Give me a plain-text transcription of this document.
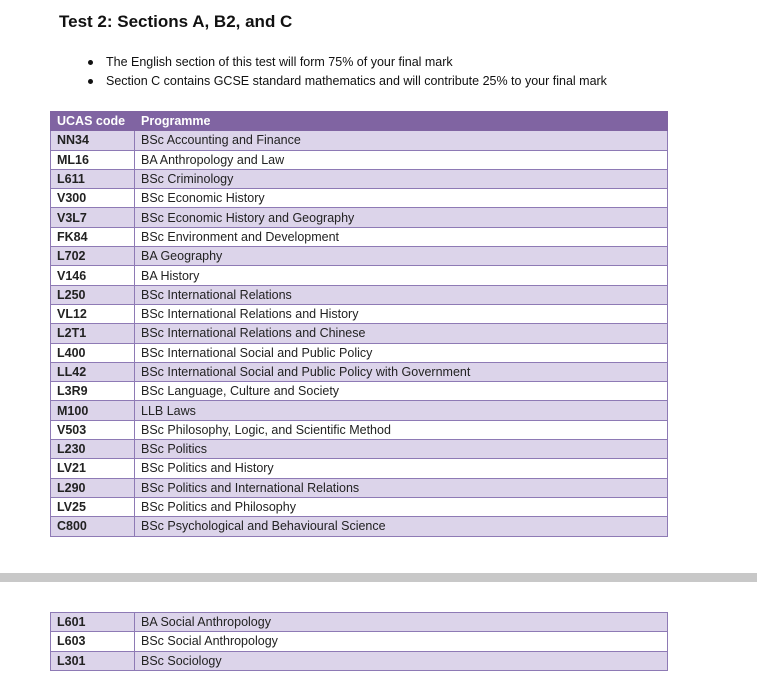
Test 2: Sections A, B2, and C
The English section of this test will form 75% of your final mark
Section C contains GCSE standard mathematics and will contribute 25% to your final mark
UCAS code	Programme
NN34	BSc Accounting and Finance
ML16	BA Anthropology and Law
L611	BSc Criminology
V300	BSc Economic History
V3L7	BSc Economic History and Geography
FK84	BSc Environment and Development
L702	BA Geography
V146	BA History
L250	BSc International Relations
VL12	BSc International Relations and History
L2T1	BSc International Relations and Chinese
L400	BSc International Social and Public Policy
LL42	BSc International Social and Public Policy with Government
L3R9	BSc Language, Culture and Society
M100	LLB Laws
V503	BSc Philosophy, Logic, and Scientific Method
L230	BSc Politics
LV21	BSc Politics and History
L290	BSc Politics and International Relations
LV25	BSc Politics and Philosophy
C800	BSc Psychological and Behavioural Science
L601	BA Social Anthropology
L603	BSc Social Anthropology
L301	BSc Sociology
